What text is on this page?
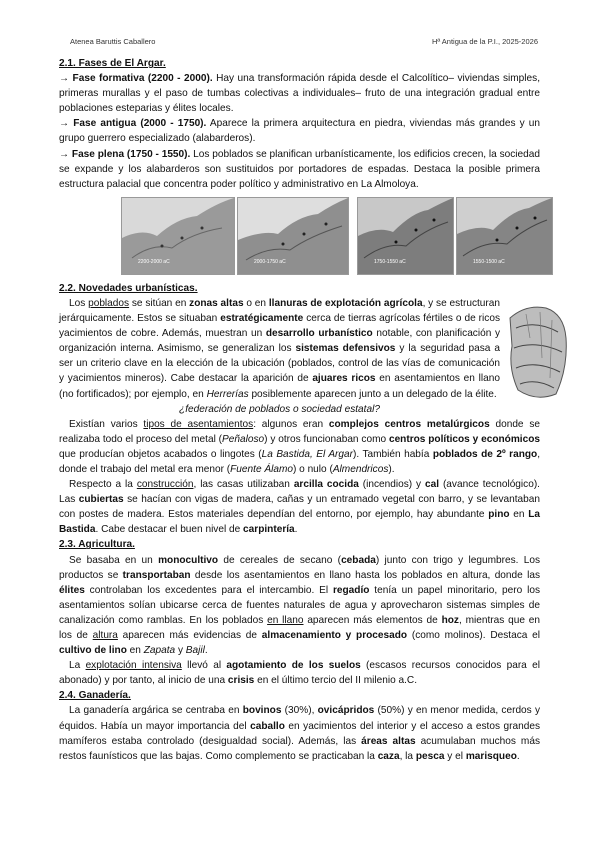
Atenea Baruttis Caballero	Hª Antigua de la P.I., 2025-2026

2.1. Fases de El Argar.

→ Fase formativa (2200 - 2000). Hay una transformación rápida desde el Calcolítico– viviendas simples, primeras murallas y el paso de tumbas colectivas a individuales– fruto de una integración gradual entre poblaciones esteparias y élites locales.

→ Fase antigua (2000 - 1750). Aparece la primera arquitectura en piedra, viviendas más grandes y un grupo guerrero especializado (alabarderos).

→ Fase plena (1750 - 1550). Los poblados se planifican urbanísticamente, los edificios crecen, la sociedad se expande y los alabarderos son sustituidos por portadores de espadas. Destaca la posible primera estructura palacial que concentra poder político y administrativo en La Almoloya.

2200-2000 aC	2000-1750 aC	1750-1550 aC	1550-1500 aC

2.2. Novedades urbanísticas.

Los poblados se sitúan en zonas altas o en llanuras de explotación agrícola, y se estructuran jerárquicamente. Estos se situaban estratégicamente cerca de tierras agrícolas fértiles o de ricos yacimientos de cobre. Además, muestran un desarrollo urbanístico notable, con planificación y organización interna. Asimismo, se generalizan los sistemas defensivos y la seguridad pasa a ser un criterio clave en la elección de la ubicación (poblados, control de las vías de comunicación y yacimientos mineros). Cabe destacar la aparición de ajuares ricos en asentamientos en llano (no fortificados); por ejemplo, en Herrerías posiblemente aparecen junto a un delegado de la élite.

¿federación de poblados o sociedad estatal?

Existían varios tipos de asentamientos: algunos eran complejos centros metalúrgicos donde se realizaba todo el proceso del metal (Peñaloso) y otros funcionaban como centros políticos y económicos que producían objetos acabados o lingotes (La Bastida, El Argar). También había poblados de 2º rango, donde el trabajo del metal era menor (Fuente Álamo) o nulo (Almendricos).

Respecto a la construcción, las casas utilizaban arcilla cocida (incendios) y cal (avance tecnológico). Las cubiertas se hacían con vigas de madera, cañas y un entramado vegetal con barro, y se levantaban con postes de madera. Estos materiales dependían del entorno, por ejemplo, hay abundante pino en La Bastida. Cabe destacar el buen nivel de carpintería.

2.3. Agricultura.

Se basaba en un monocultivo de cereales de secano (cebada) junto con trigo y legumbres. Los productos se transportaban desde los asentamientos en llano hasta los poblados en altura, donde las élites controlaban los excedentes para el intercambio. El regadío tenía un papel minoritario, pero los asentamientos solían ubicarse cerca de fuentes naturales de agua y aprovecharon sistemas simples de canalización como ramblas. En los poblados en llano aparecen más elementos de hoz, mientras que en los de altura aparecen más evidencias de almacenamiento y procesado (como molinos). Destaca el cultivo de lino en Zapata y Bajil.

La explotación intensiva llevó al agotamiento de los suelos (escasos recursos conocidos para el abonado) y por tanto, al inicio de una crisis en el último tercio del II milenio a.C.

2.4. Ganadería.

La ganadería argárica se centraba en bovinos (30%), ovicápridos (50%) y en menor medida, cerdos y équidos. Había un mayor importancia del caballo en yacimientos del interior y el acceso a estos grandes mamíferos estaba controlado (desigualdad social). Además, las áreas altas acumulaban muchos más restos faunísticos que las bajas. Como complemento se practicaban la caza, la pesca y el marisqueo.
